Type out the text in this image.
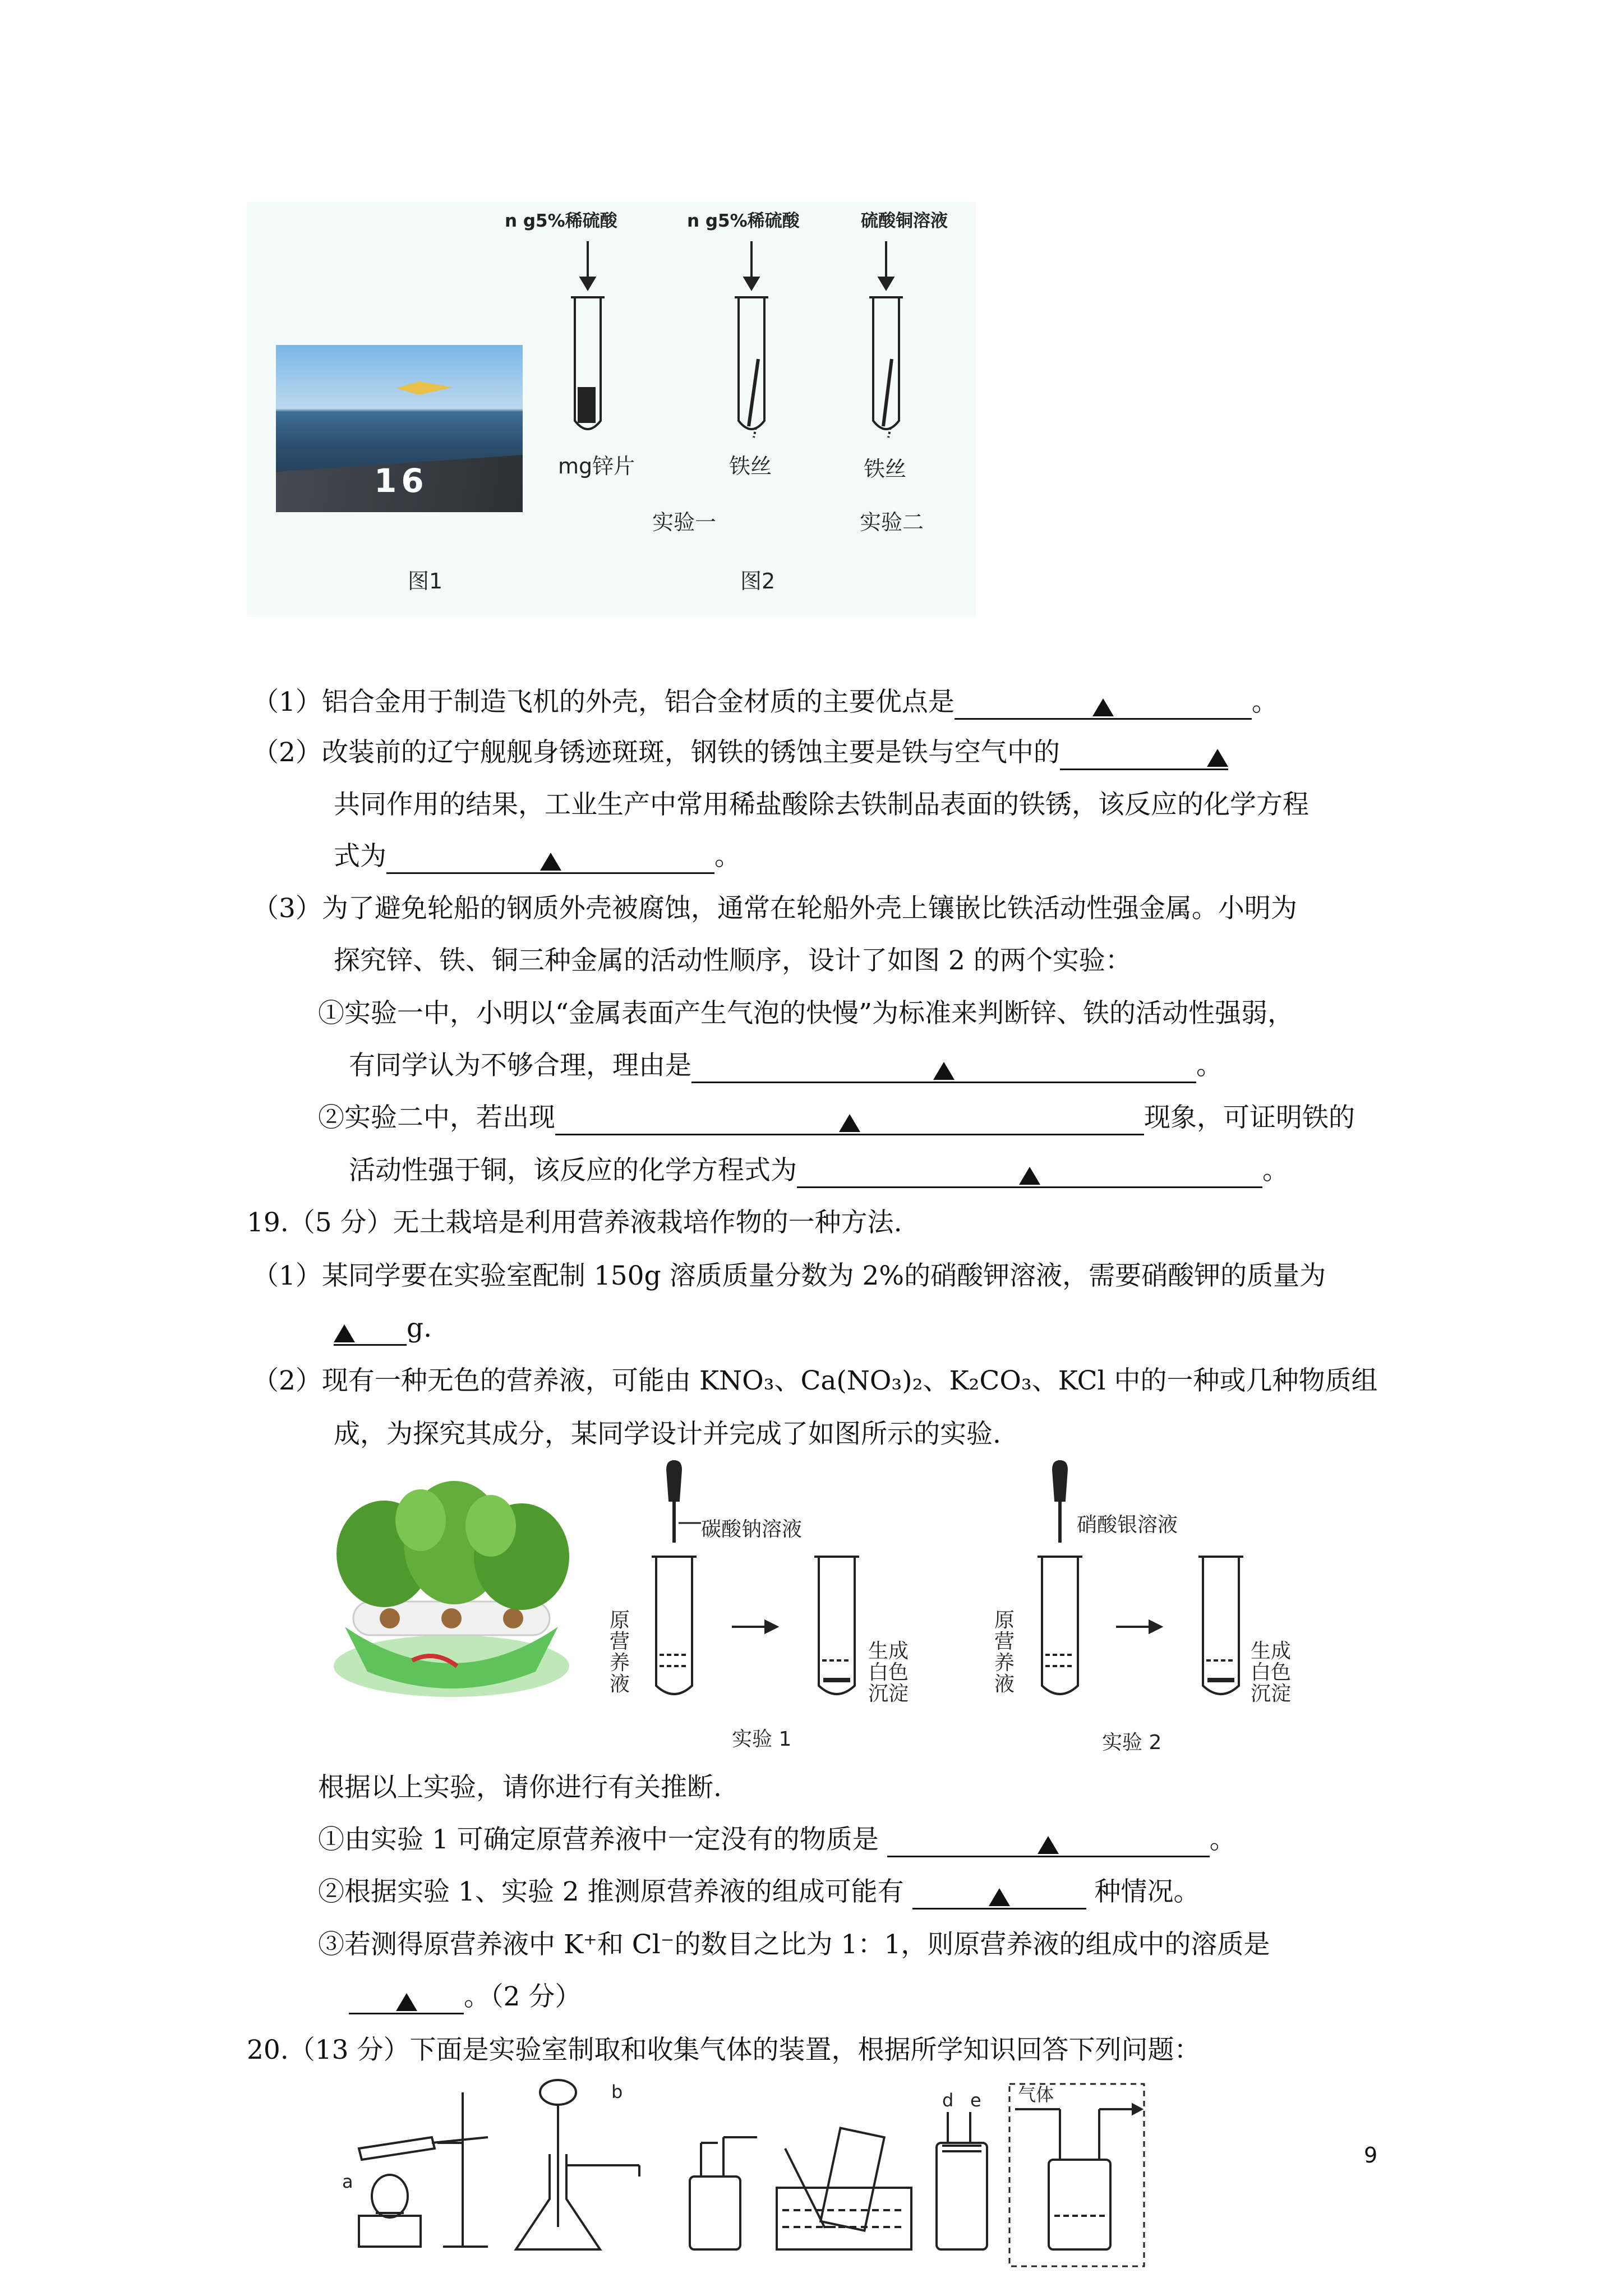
16
n g5%稀硫酸	n g5%稀硫酸	硫酸铜溶液
mg锌片	铁丝	铁丝
实验一	实验二
图1	图2
（1）铝合金用于制造飞机的外壳，铝合金材质的主要优点是	。
（2）改装前的辽宁舰舰身锈迹斑斑，钢铁的锈蚀主要是铁与空气中的
共同作用的结果，工业生产中常用稀盐酸除去铁制品表面的铁锈，该反应的化学方程
式为	。
（3）为了避免轮船的钢质外壳被腐蚀，通常在轮船外壳上镶嵌比铁活动性强金属。小明为
探究锌、铁、铜三种金属的活动性顺序，设计了如图 2 的两个实验：
①实验一中，小明以“金属表面产生气泡的快慢”为标准来判断锌、铁的活动性强弱，
有同学认为不够合理，理由是	。
②实验二中，若出现	现象，可证明铁的
活动性强于铜，该反应的化学方程式为	。
19.（5 分）无土栽培是利用营养液栽培作物的一种方法.
（1）某同学要在实验室配制 150g 溶质质量分数为 2%的硝酸钾溶液，需要硝酸钾的质量为
g.
（2）现有一种无色的营养液，可能由 KNO₃、Ca(NO₃)₂、K₂CO₃、KCl 中的一种或几种物质组
成，为探究其成分，某同学设计并完成了如图所示的实验.
碳酸钠溶液	硝酸银溶液
原营养液
原营养液
生成白色沉淀
生成白色沉淀
实验 1	实验 2
根据以上实验，请你进行有关推断.
①由实验 1 可确定原营养液中一定没有的物质是	。
②根据实验 1、实验 2 推测原营养液的组成可能有	种情况。
③若测得原营养液中 K⁺和 Cl⁻的数目之比为 1：1，则原营养液的组成中的溶质是
。（2 分）
20.（13 分）下面是实验室制取和收集气体的装置，根据所学知识回答下列问题：
a
b	d e 气体
9
